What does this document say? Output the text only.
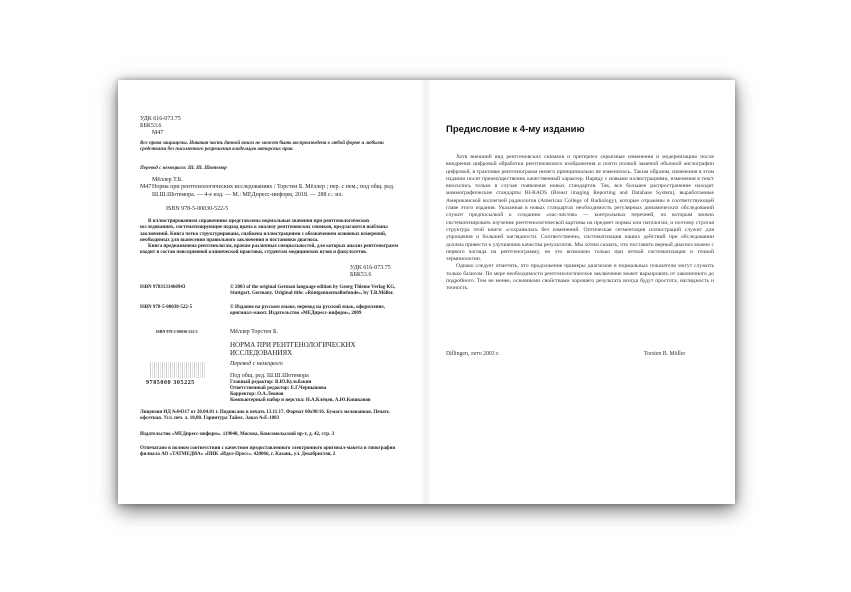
УДК 616-073.75
ББК53.6
М47
Все права защищены. Никакая часть данной книги не может быть воспроизведена в любой форме и любыми средствами без письменного разрешения владельцев авторских прав.
Перевод с немецкого: Ш. Ш. Шотемор
Мёллер Т.Б.
М47 Норма при рентгенологических исследованиях / Торстен Б. Мёллер ; пер. с нем.; под общ. ред. Ш.Ш.Шотемора. — 4-е изд. — М.: МЕДпресс-информ, 2018. — 288 с.: ил.
ISBN 978-5-00030-522-5
В иллюстрированном справочнике представлены нормальные значения при рентгенологических исследованиях, систематизирующие подход врача к анализу рентгеновских снимков, предлагаются шаблоны заключений. Книга четко структурирована, снабжена иллюстрациями с обозначением основных измерений, необходимых для вынесения правильного заключения и постановки диагноза.
Книга предназначена рентгенологам, врачам различных специальностей, для которых анализ рентгенограмм входит в состав повседневной клинической практики, студентам медицинских вузов и факультетов.
УДК 616-073.75
ББК53.6
ISBN 9783131460943	© 2003 of the original German language edition by Georg Thieme Verlag KG, Stuttgart, Germany. Original title: «Röntgennormalbefunde», by T.B.Möller.
ISBN 978-5-00030-522-5	© Издание на русском языке, перевод на русский язык, оформление, оригинал-макет. Издательство «МЕДпресс-информ», 2009
ISBN 978-5-00030-522-5	Мёллер Торстен Б.
НОРМА ПРИ РЕНТГЕНОЛОГИЧЕСКИХ ИССЛЕДОВАНИЯХ
Перевод с немецкого
Под общ. ред. Ш.Ш.Шотемора
9785000 305225	Главный редактор: В.Ю.Кульбакин
Ответственный редактор: Е.Г.Чернышова
Корректор: О.А.Леонов
Компьютерный набор и верстка: Н.А.Клёцев, А.Ю.Кишканов
Лицензия ИД №04317 от 20.04.01 г. Подписано в печать 13.11.17. Формат 60х90/16. Бумага мелованная. Печать офсетная. Усл. печ. л. 18,00. Гарнитура Таймс. Заказ №Е-1083
Издательство «МЕДпресс-информ». 119048, Москва, Комсомольский пр-т, д. 42, стр. 3
Отпечатано в полном соответствии с качеством предоставленного электронного оригинал-макета в типографии филиала АО «ТАТМЕДИА» «ПИК «Идел-Пресс». 420066, г. Казань, ул. Декабристов, 2
Предисловие к 4-му изданию

Хотя внешний вид рентгеновских снимков и претерпел серьезные изменения и модернизацию после внедрения цифровой обработки рентгеновского изображения и почти полной заменой обычной англографии цифровой, в трактовке рентгенограмм ничего принципиально не изменилось. Таким образом, изменения в этом издании носят преимущественно качественный характер. Наряду с новыми иллюстрациями, изменения в текст вносились только в случае появления новых стандартов. Так, все большее распространение находит маммографические стандарты BI-RADS (Breast imaging Reporting and Database System), выработанные Американской коллегией радиологов (American College of Radiology), которые отражены в соответствующей главе этого издания. Указанная в новых стандартах необходимость регулярных динамических обследований служит предпосылкой к созданию «час-листов» — контрольных перечней, по которым можно систематизировать изучение рентгенологической картины на предмет нормы или патологии, и поэтому строгая структура этой книги «сохранилась без изменений. Оптическая сегментация иллюстраций служит для упрощения и большей наглядности. Соответственно, систематизация наших действий при обследовании должна привести к улучшению качества результатов. Мы хотим сказать, что поставить верный диагноз можно с первого взгляда на рентгенограмму, но это возможно только при четкой систематизации и точной терминологии.

Однако следует отметить, что продолжение примеры диагнозов и нормальных показатели могут служить только базисом. По мере необходимости рентгенологическое заключение может варьировать от лаконичного до подробного. Тем не менее, основными свойствами хорошего результата всегда будут простота, наглядность и точность.

Dillingen, лето 2003 г.	Torsten B. Möller
